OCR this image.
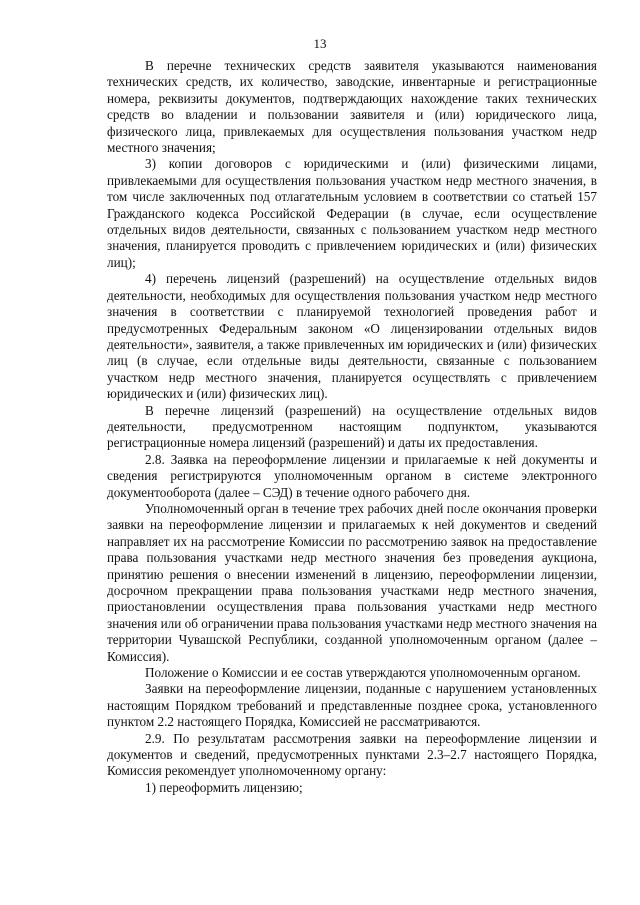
13

В перечне технических средств заявителя указываются наименования технических средств, их количество, заводские, инвентарные и регистрационные номера, реквизиты документов, подтверждающих нахождение таких технических средств во владении и пользовании заявителя и (или) юридического лица, физического лица, привлекаемых для осуществления пользования участком недр местного значения;

3) копии договоров с юридическими и (или) физическими лицами, привлекаемыми для осуществления пользования участком недр местного значения, в том числе заключенных под отлагательным условием в соответствии со статьей 157 Гражданского кодекса Российской Федерации (в случае, если осуществление отдельных видов деятельности, связанных с пользованием участком недр местного значения, планируется проводить с привлечением юридических и (или) физических лиц);

4) перечень лицензий (разрешений) на осуществление отдельных видов деятельности, необходимых для осуществления пользования участком недр местного значения в соответствии с планируемой технологией проведения работ и предусмотренных Федеральным законом «О лицензировании отдельных видов деятельности», заявителя, а также привлеченных им юридических и (или) физических лиц (в случае, если отдельные виды деятельности, связанные с пользованием участком недр местного значения, планируется осуществлять с привлечением юридических и (или) физических лиц).

В перечне лицензий (разрешений) на осуществление отдельных видов деятельности, предусмотренном настоящим подпунктом, указываются регистрационные номера лицензий (разрешений) и даты их предоставления.

2.8. Заявка на переоформление лицензии и прилагаемые к ней документы и сведения регистрируются уполномоченным органом в системе электронного документооборота (далее – СЭД) в течение одного рабочего дня.

Уполномоченный орган в течение трех рабочих дней после окончания проверки заявки на переоформление лицензии и прилагаемых к ней документов и сведений направляет их на рассмотрение Комиссии по рассмотрению заявок на предоставление права пользования участками недр местного значения без проведения аукциона, принятию решения о внесении изменений в лицензию, переоформлении лицензии, досрочном прекращении права пользования участками недр местного значения, приостановлении осуществления права пользования участками недр местного значения или об ограничении права пользования участками недр местного значения на территории Чувашской Республики, созданной уполномоченным органом (далее – Комиссия).

Положение о Комиссии и ее состав утверждаются уполномоченным органом.

Заявки на переоформление лицензии, поданные с нарушением установленных настоящим Порядком требований и представленные позднее срока, установленного пунктом 2.2 настоящего Порядка, Комиссией не рассматриваются.

2.9. По результатам рассмотрения заявки на переоформление лицензии и документов и сведений, предусмотренных пунктами 2.3–2.7 настоящего Порядка, Комиссия рекомендует уполномоченному органу:

1) переоформить лицензию;
